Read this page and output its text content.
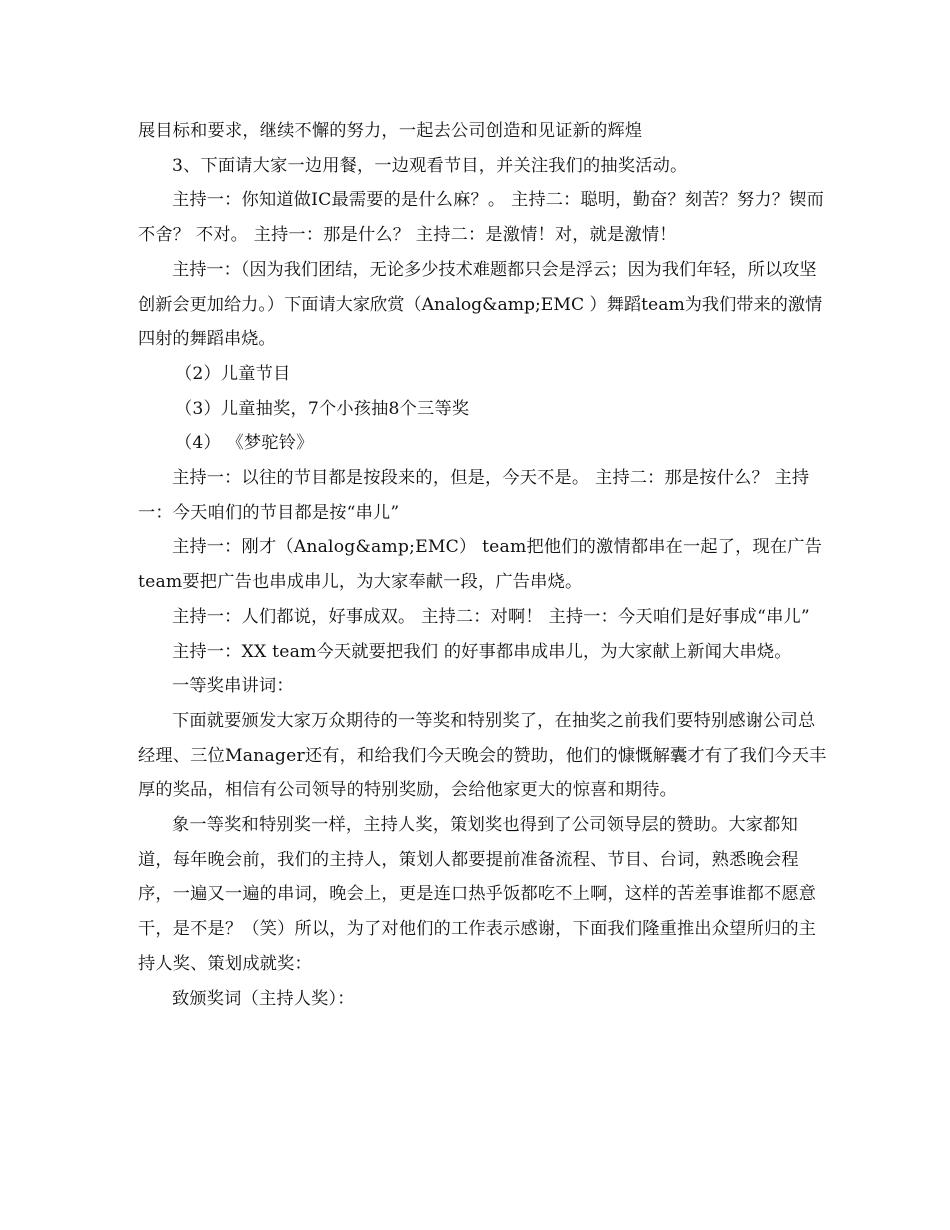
展目标和要求，继续不懈的努力，一起去公司创造和见证新的辉煌

3、下面请大家一边用餐，一边观看节目，并关注我们的抽奖活动。

主持一：你知道做IC最需要的是什么麻？。 主持二：聪明，勤奋？刻苦？努力？锲而不舍？ 不对。 主持一：那是什么？ 主持二：是激情！对，就是激情！

主持一：（因为我们团结，无论多少技术难题都只会是浮云；因为我们年轻，所以攻坚创新会更加给力。）下面请大家欣赏（Analog&amp;EMC ）舞蹈team为我们带来的激情四射的舞蹈串烧。

（2）儿童节目

（3）儿童抽奖，7个小孩抽8个三等奖

（4） 《梦驼铃》

主持一：以往的节目都是按段来的，但是，今天不是。 主持二：那是按什么？ 主持一：今天咱们的节目都是按“串儿”

主持一：刚才（Analog&amp;EMC） team把他们的激情都串在一起了，现在广告team要把广告也串成串儿，为大家奉献一段，广告串烧。

主持一：人们都说，好事成双。 主持二：对啊！ 主持一：今天咱们是好事成“串儿”

主持一：XX team今天就要把我们 的好事都串成串儿，为大家献上新闻大串烧。

一等奖串讲词：

下面就要颁发大家万众期待的一等奖和特别奖了，在抽奖之前我们要特别感谢公司总经理、三位Manager还有，和给我们今天晚会的赞助，他们的慷慨解囊才有了我们今天丰厚的奖品，相信有公司领导的特别奖励，会给他家更大的惊喜和期待。

象一等奖和特别奖一样，主持人奖，策划奖也得到了公司领导层的赞助。大家都知道，每年晚会前，我们的主持人，策划人都要提前准备流程、节目、台词，熟悉晚会程序，一遍又一遍的串词，晚会上，更是连口热乎饭都吃不上啊，这样的苦差事谁都不愿意干，是不是？（笑）所以，为了对他们的工作表示感谢，下面我们隆重推出众望所归的主持人奖、策划成就奖：

致颁奖词（主持人奖）：
